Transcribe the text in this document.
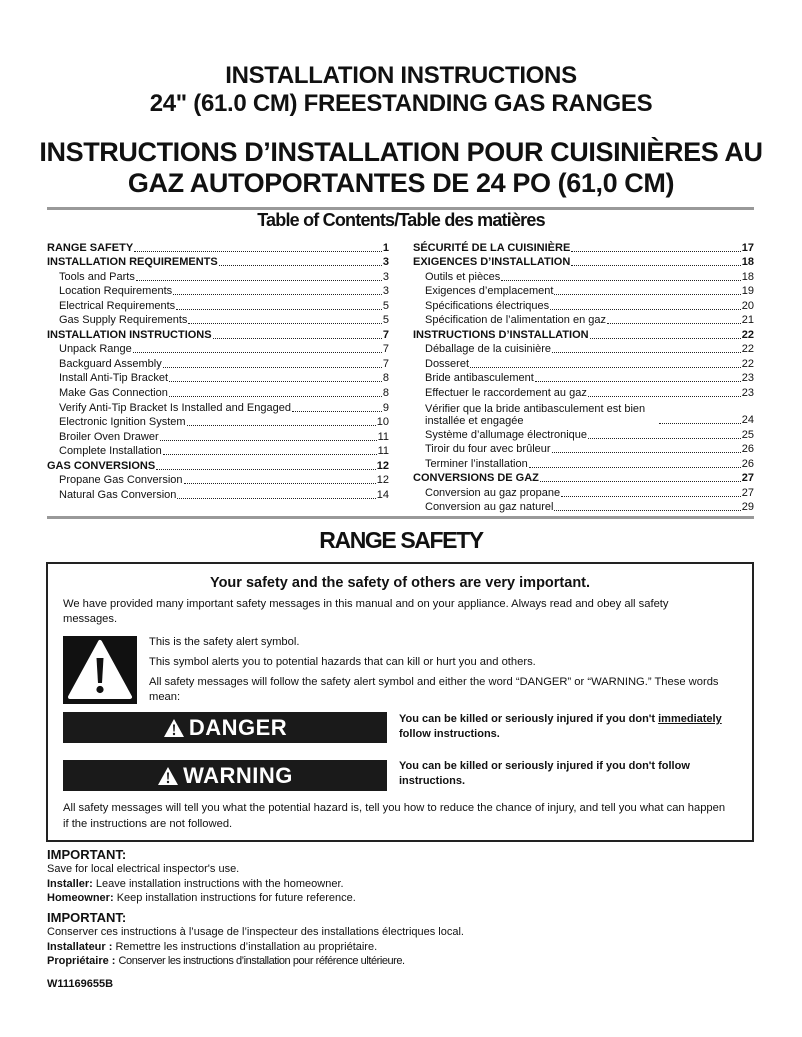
INSTALLATION INSTRUCTIONS
24" (61.0 CM) FREESTANDING GAS RANGES
INSTRUCTIONS D’INSTALLATION POUR CUISINIÈRES AU
GAZ AUTOPORTANTES DE 24 PO (61,0 CM)
Table of Contents/Table des matières
RANGE SAFETY	1
INSTALLATION REQUIREMENTS	3
Tools and Parts	3
Location Requirements	3
Electrical Requirements	5
Gas Supply Requirements	5
INSTALLATION INSTRUCTIONS	7
Unpack Range	7
Backguard Assembly	7
Install Anti-Tip Bracket	8
Make Gas Connection	8
Verify Anti-Tip Bracket Is Installed and Engaged	9
Electronic Ignition System	10
Broiler Oven Drawer	11
Complete Installation	11
GAS CONVERSIONS	12
Propane Gas Conversion	12
Natural Gas Conversion	14
SÉCURITÉ DE LA CUISINIÈRE	17
EXIGENCES D’INSTALLATION	18
Outils et pièces	18
Exigences d’emplacement	19
Spécifications électriques	20
Spécification de l’alimentation en gaz	21
INSTRUCTIONS D’INSTALLATION	22
Déballage de la cuisinière	22
Dosseret	22
Bride antibasculement	23
Effectuer le raccordement au gaz	23
Vérifier que la bride antibasculement est bien installée et engagée	24
Système d’allumage électronique	25
Tiroir du four avec brûleur	26
Terminer l’installation	26
CONVERSIONS DE GAZ	27
Conversion au gaz propane	27
Conversion au gaz naturel	29
RANGE SAFETY
Your safety and the safety of others are very important.
We have provided many important safety messages in this manual and on your appliance. Always read and obey all safety messages.

This is the safety alert symbol.

This symbol alerts you to potential hazards that can kill or hurt you and others.

All safety messages will follow the safety alert symbol and either the word “DANGER” or “WARNING.” These words mean:

DANGER	You can be killed or seriously injured if you don't immediately follow instructions.
WARNING	You can be killed or seriously injured if you don't follow instructions.
All safety messages will tell you what the potential hazard is, tell you how to reduce the chance of injury, and tell you what can happen if the instructions are not followed.
IMPORTANT:
Save for local electrical inspector's use.
Installer: Leave installation instructions with the homeowner.
Homeowner: Keep installation instructions for future reference.
IMPORTANT:
Conserver ces instructions à l’usage de l’inspecteur des installations électriques local.
Installateur : Remettre les instructions d’installation au propriétaire.
Propriétaire : Conserver les instructions d’installation pour référence ultérieure.
W11169655B
